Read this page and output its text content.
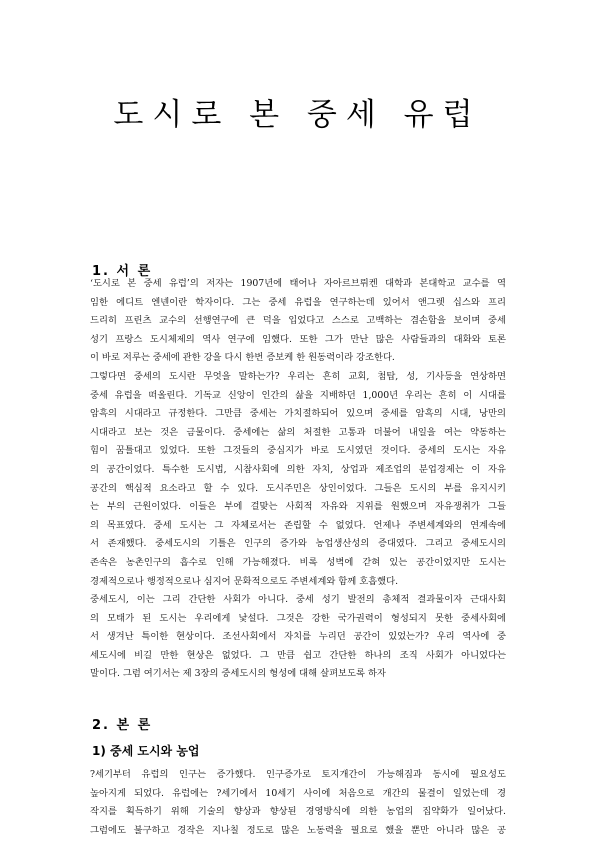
도시로 본 중세 유럽
1. 서 론
‘도시로 본 중세 유럽’의 저자는 1907년에 태어나 자아르브뤼켄 대학과 본대학교 교수를 역
임한 에디트 엔넨이란 학자이다. 그는 중세 유럽을 연구하는데 있어서 앤그렛 십스와 프리
드리히 프린츠 교수의 선행연구에 큰 덕을 입었다고 스스로 고백하는 겸손함을 보이며 중세
성기 프랑스 도시체제의 역사 연구에 임했다. 또한 그가 만난 많은 사람들과의 대화와 토론
이 바로 저루는 중세에 관한 강을 다시 한번 증보케 한 원동력이라 강조한다.
그렇다면 중세의 도시란 무엇을 말하는가? 우리는 흔히 교회, 첨탑, 성, 기사등을 연상하면
중세 유럽을 떠올린다. 기독교 신앙이 인간의 삶을 지배하던 1,000년 우리는 흔히 이 시대를
암흑의 시대라고 규정한다. 그만큼 중세는 가치절하되어 있으며 중세를 암흑의 시대, 낭만의
시대라고 보는 것은 금물이다. 중세에는 삶의 처절한 고통과 더불어 내일을 여는 약동하는
힘이 꿈틀대고 있었다. 또한 그것들의 중심지가 바로 도시였던 것이다. 중세의 도시는 자유
의 공간이었다. 특수한 도시법, 시참사회에 의한 자치, 상업과 제조업의 분업경제는 이 자유
공간의 핵심적 요소라고 할 수 있다. 도시주민은 상인이었다. 그들은 도시의 부를 유지시키
는 부의 근원이었다. 이들은 부에 걸맞는 사회적 자유와 지위를 원했으며 자유쟁취가 그들
의 목표였다. 중세 도시는 그 자체로서는 존립할 수 없었다. 언제나 주변세계와의 연계속에
서 존재했다. 중세도시의 기틀은 인구의 증가와 농업생산성의 증대였다. 그리고 중세도시의
존속은 농촌인구의 흡수로 인해 가능해졌다. 비록 성벽에 갇혀 있는 공간이었지만 도시는
경제적으로나 행정적으로나 심지어 문화적으로도 주변세계와 함께 호흡했다.
중세도시, 이는 그리 간단한 사회가 아니다. 중세 성기 발전의 총체적 결과물이자 근대사회
의 모태가 된 도시는 우리에게 낯설다. 그것은 강한 국가권력이 형성되지 못한 중세사회에
서 생겨난 특이한 현상이다. 조선사회에서 자치를 누리던 공간이 있었는가? 우리 역사에 중
세도시에 비길 만한 현상은 없었다. 그 만큼 쉽고 간단한 하나의 조직 사회가 아니었다는
말이다. 그럼 여기서는 제 3장의 중세도시의 형성에 대해 살펴보도록 하자
2. 본 론
1) 중세 도시와 농업
?세기부터 유럽의 인구는 증가했다. 인구증가로 토지개간이 가능해짐과 동시에 필요성도
높아지게 되었다. 유럽에는 ?세기에서 10세기 사이에 처음으로 개간의 물결이 일었는데 경
작지를 획득하기 위해 기술의 향상과 향상된 경영방식에 의한 농업의 집약화가 일어났다.
그럼에도 불구하고 경작은 지나칠 정도로 많은 노동력을 필요로 했을 뿐만 아니라 많은 공
